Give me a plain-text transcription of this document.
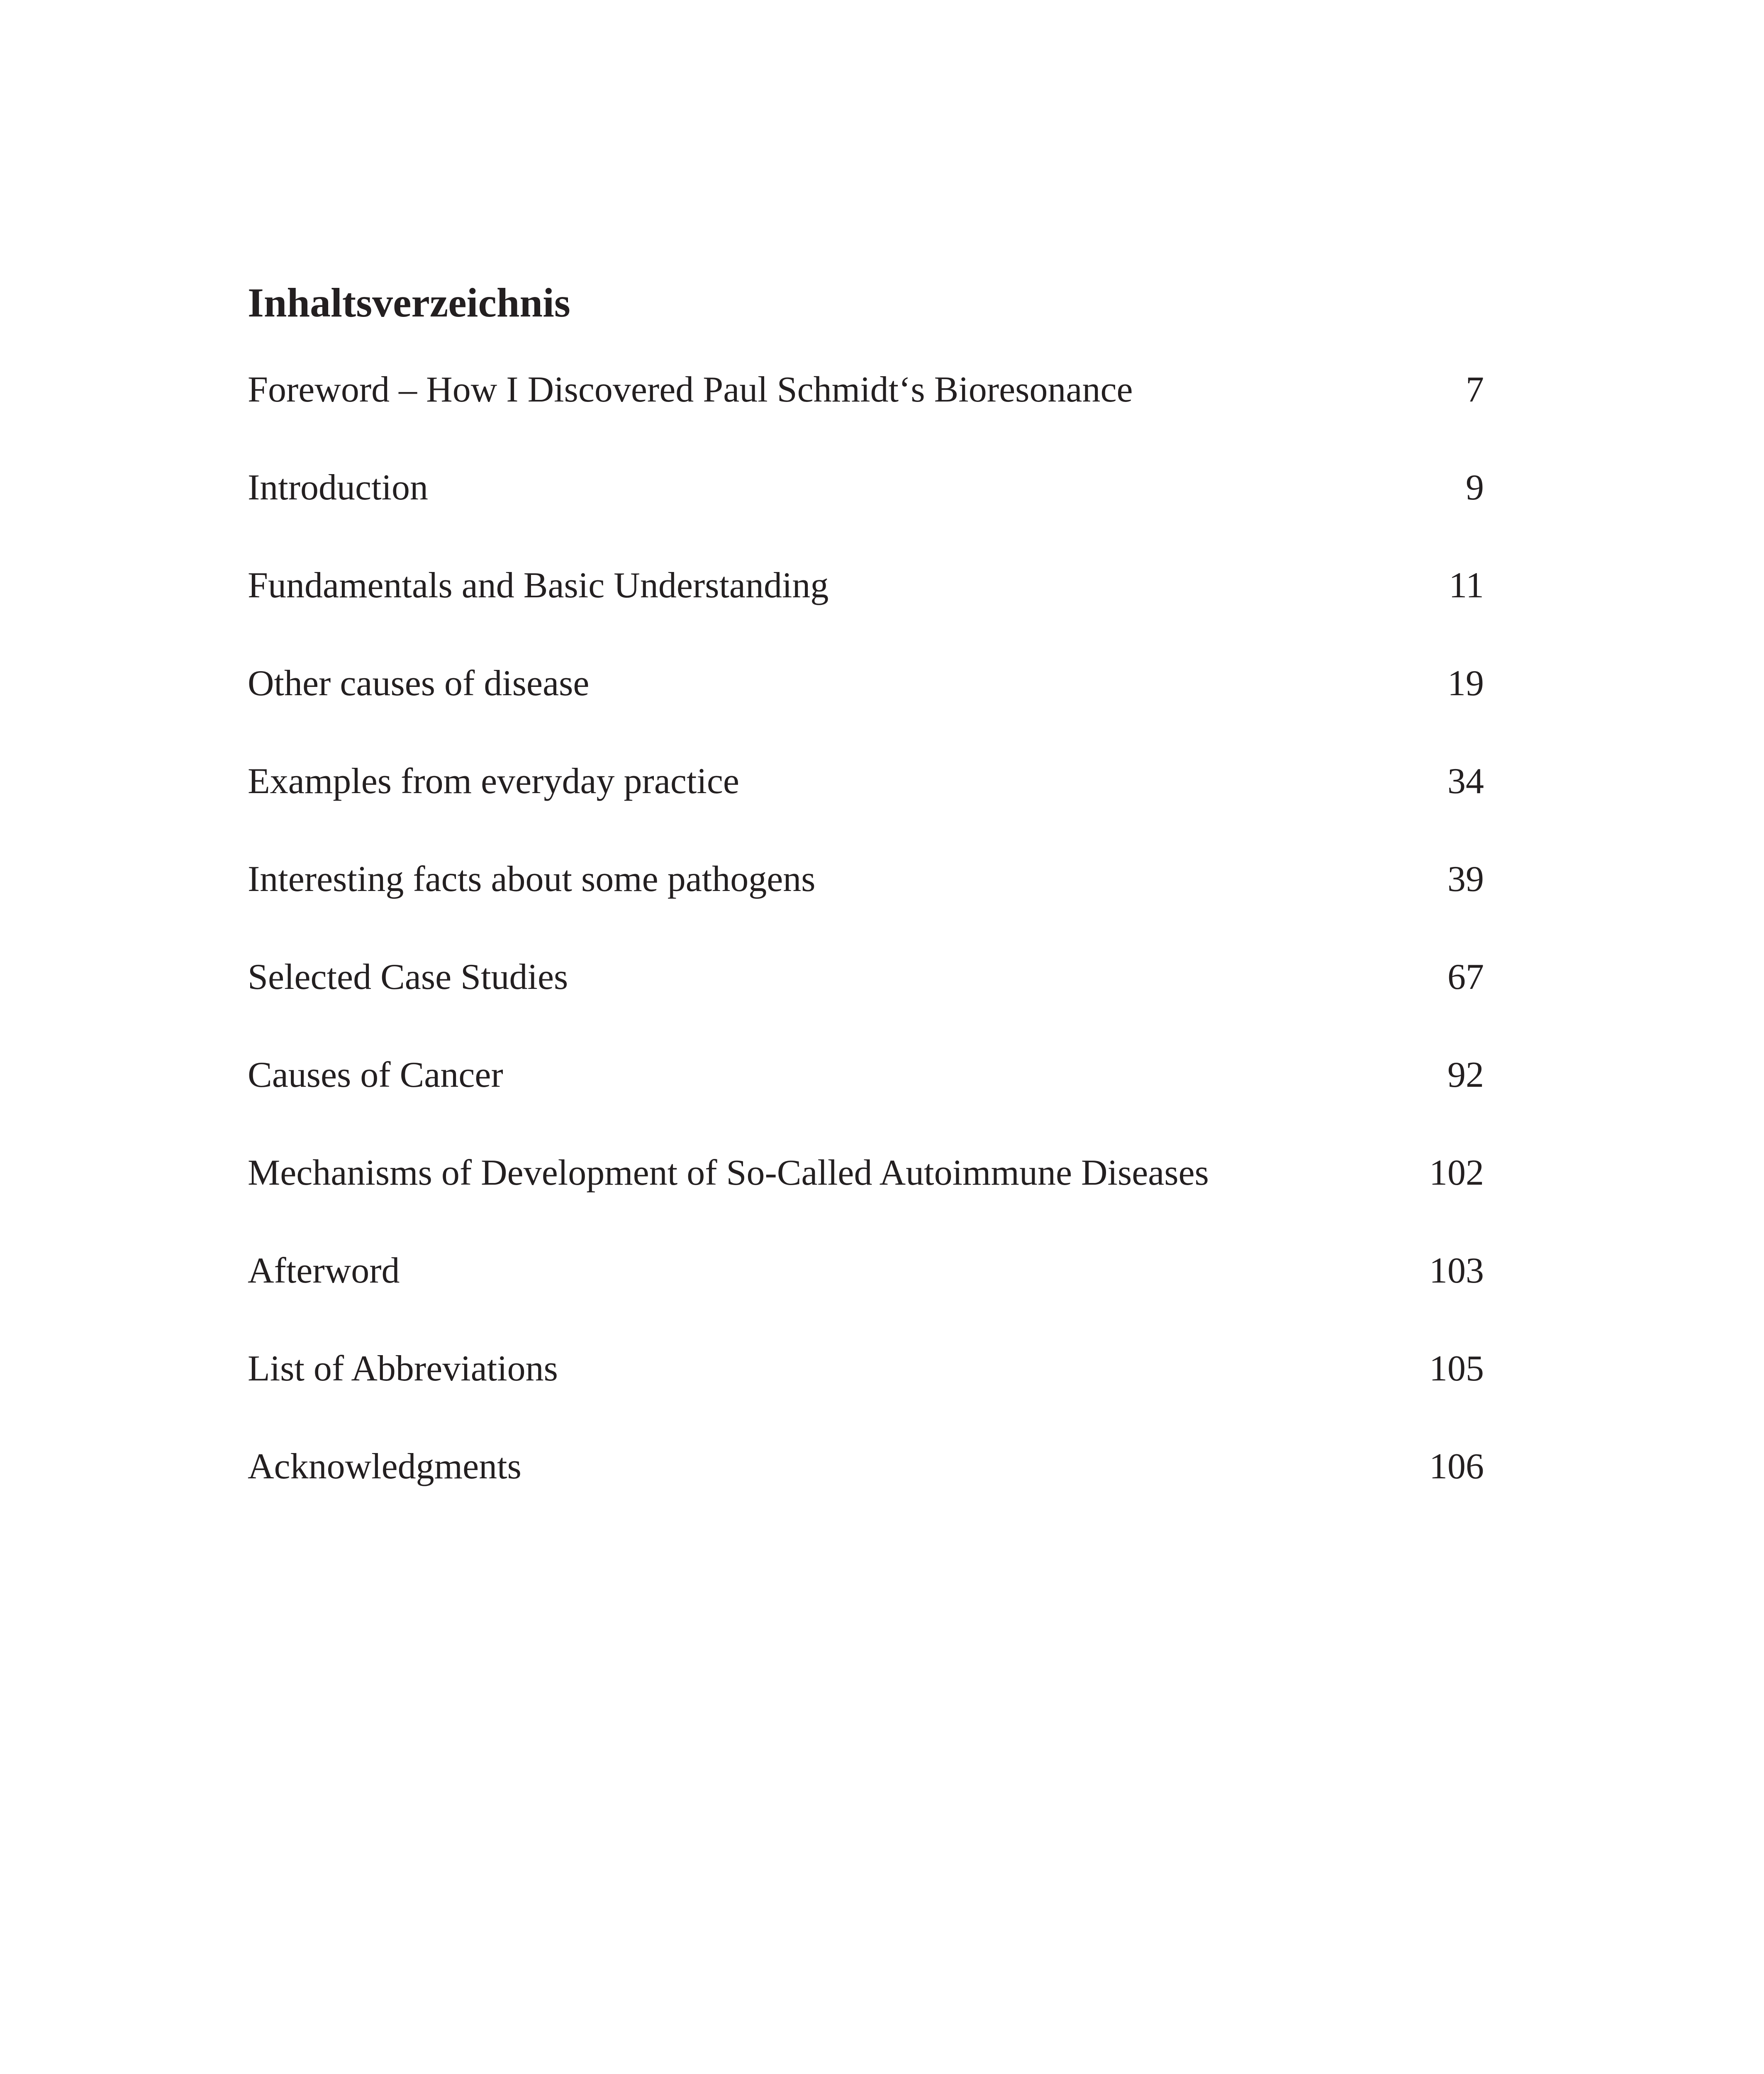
Inhaltsverzeichnis
Foreword – How I Discovered Paul Schmidt‘s Bioresonance	7
Introduction	9
Fundamentals and Basic Understanding	11
Other causes of disease	19
Examples from everyday practice	34
Interesting facts about some pathogens	39
Selected Case Studies	67
Causes of Cancer	92
Mechanisms of Development of So-Called Autoimmune Diseases	102
Afterword	103
List of Abbreviations	105
Acknowledgments	106
